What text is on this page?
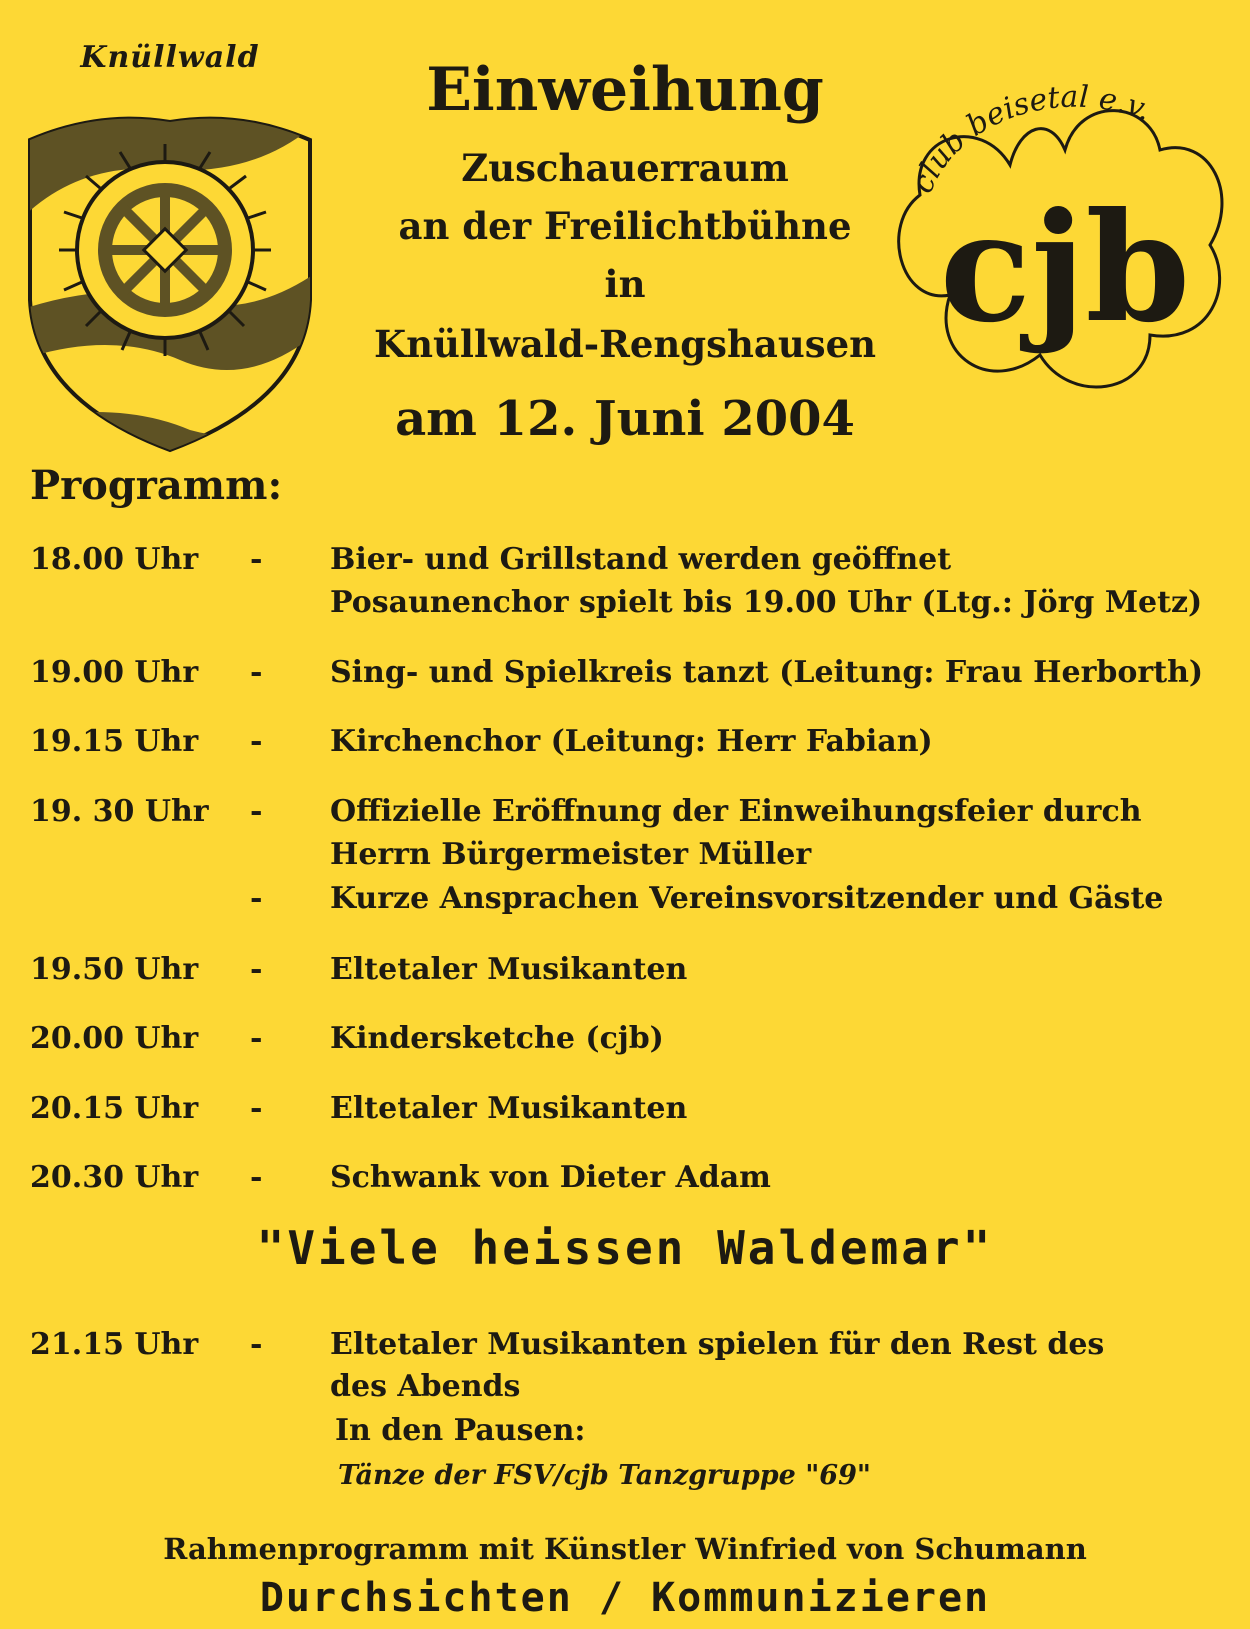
Knüllwald
club beisetal e.v.
cjb
Einweihung
Zuschauerraum
an der Freilichtbühne
in
Knüllwald-Rengshausen
am 12. Juni 2004
Programm:
18.00 Uhr - Bier- und Grillstand werden geöffnet
Posaunenchor spielt bis 19.00 Uhr (Ltg.: Jörg Metz)
19.00 Uhr - Sing- und Spielkreis tanzt (Leitung: Frau Herborth)
19.15 Uhr - Kirchenchor (Leitung: Herr Fabian)
19. 30 Uhr - Offizielle Eröffnung der Einweihungsfeier durch
Herrn Bürgermeister Müller
- Kurze Ansprachen Vereinsvorsitzender und Gäste
19.50 Uhr - Eltetaler Musikanten
20.00 Uhr - Kindersketche (cjb)
20.15 Uhr - Eltetaler Musikanten
20.30 Uhr - Schwank von Dieter Adam
"Viele heissen Waldemar"
21.15 Uhr - Eltetaler Musikanten spielen für den Rest des
des Abends
In den Pausen:
Tänze der FSV/cjb Tanzgruppe "69"
Rahmenprogramm mit Künstler Winfried von Schumann
Durchsichten / Kommunizieren
